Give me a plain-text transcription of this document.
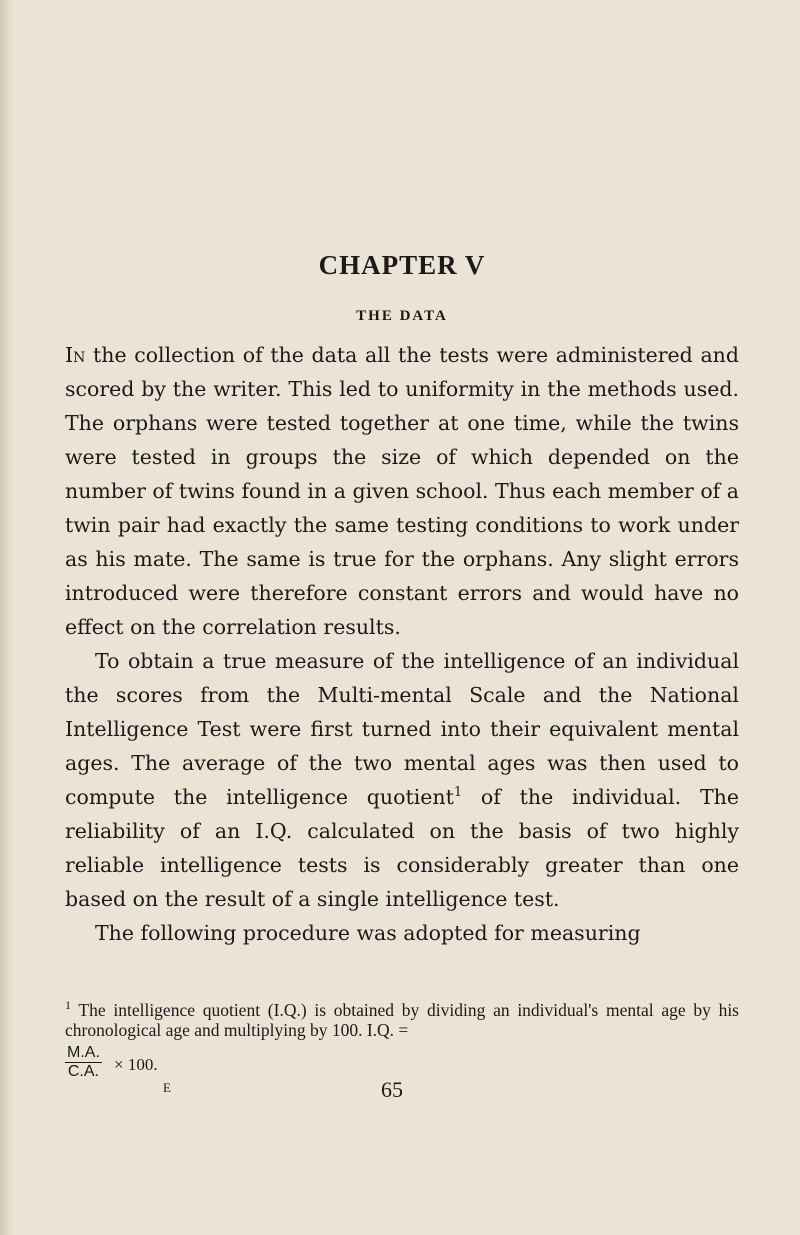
CHAPTER V
THE DATA

In the collection of the data all the tests were administered and scored by the writer. This led to uniformity in the methods used. The orphans were tested together at one time, while the twins were tested in groups the size of which depended on the number of twins found in a given school. Thus each member of a twin pair had exactly the same testing conditions to work under as his mate. The same is true for the orphans. Any slight errors introduced were therefore constant errors and would have no effect on the correlation results.

To obtain a true measure of the intelligence of an individual the scores from the Multi-mental Scale and the National Intelligence Test were first turned into their equivalent mental ages. The average of the two mental ages was then used to compute the intelligence quotient$^1$ of the individual. The reliability of an I.Q. calculated on the basis of two highly reliable intelligence tests is considerably greater than one based on the result of a single intelligence test.

The following procedure was adopted for measuring

$^1$ The intelligence quotient (I.Q.) is obtained by dividing an individual's mental age by his chronological age and multiplying by 100. I.Q. =
$\frac{M.A.}{C.A.} \times 100$.
E	65
